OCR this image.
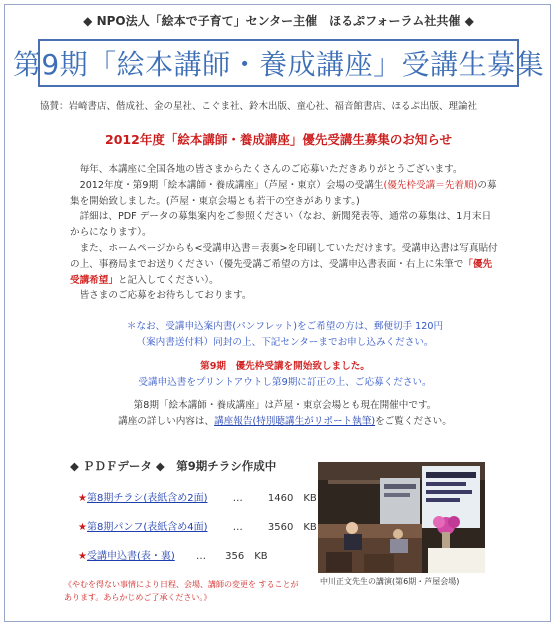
◆ NPO法人「絵本で子育て」センター主催　ほるぷフォーラム社共催 ◆
第9期「絵本講師・養成講座」受講生募集
協賛：岩崎書店、偕成社、金の星社、こぐま社、鈴木出版、童心社、福音館書店、ほるぷ出版、理論社
2012年度「絵本講師・養成講座」優先受講生募集のお知らせ

毎年、本講座に全国各地の皆さまからたくさんのご応募いただきありがとうございます。

2012年度・第9期「絵本講師・養成講座」（芦屋・東京）会場の受講生(優先枠受講＝先着順)の募集を開始致しました。(芦屋・東京会場とも若干の空きがあります。)

詳細は、PDF データの募集案内をご参照ください（なお、新聞発表等、通常の募集は、1月末日からになります）。

また、ホームページからも<受講申込書＝表裏>を印刷していただけます。受講申込書は写真貼付の上、事務局までお送りください（優先受講ご希望の方は、受講申込書表面・右上に朱筆で「優先受講希望」と記入してください）。

皆さまのご応募をお待ちしております。

＊なお、受講申込案内書(パンフレット)をご希望の方は、郵便切手 120円

（案内書送付料）同封の上、下記センターまでお申し込みください。

第9期　優先枠受講を開始致しました。

受講申込書をプリントアウトし第9期に訂正の上、ご応募ください。

第8期「絵本講師・養成講座」は芦屋・東京会場とも現在開催中です。

講座の詳しい内容は、講座報告(特別聴講生がリポート執筆)をご覧ください。

◆ ＰＤＦデータ ◆　第9期チラシ作成中
★第8期チラシ(表紙含め2面)	…	1460　KB
★第8期パンフ(表紙含め4面)	…	3560　KB
★受講申込書(表・裏) … 356　KB
《やむを得ない事情により日程、会場、講師の変更を することがあります。あらかじめご了承ください。》
中川正文先生の講演(第6期・芦屋会場)
